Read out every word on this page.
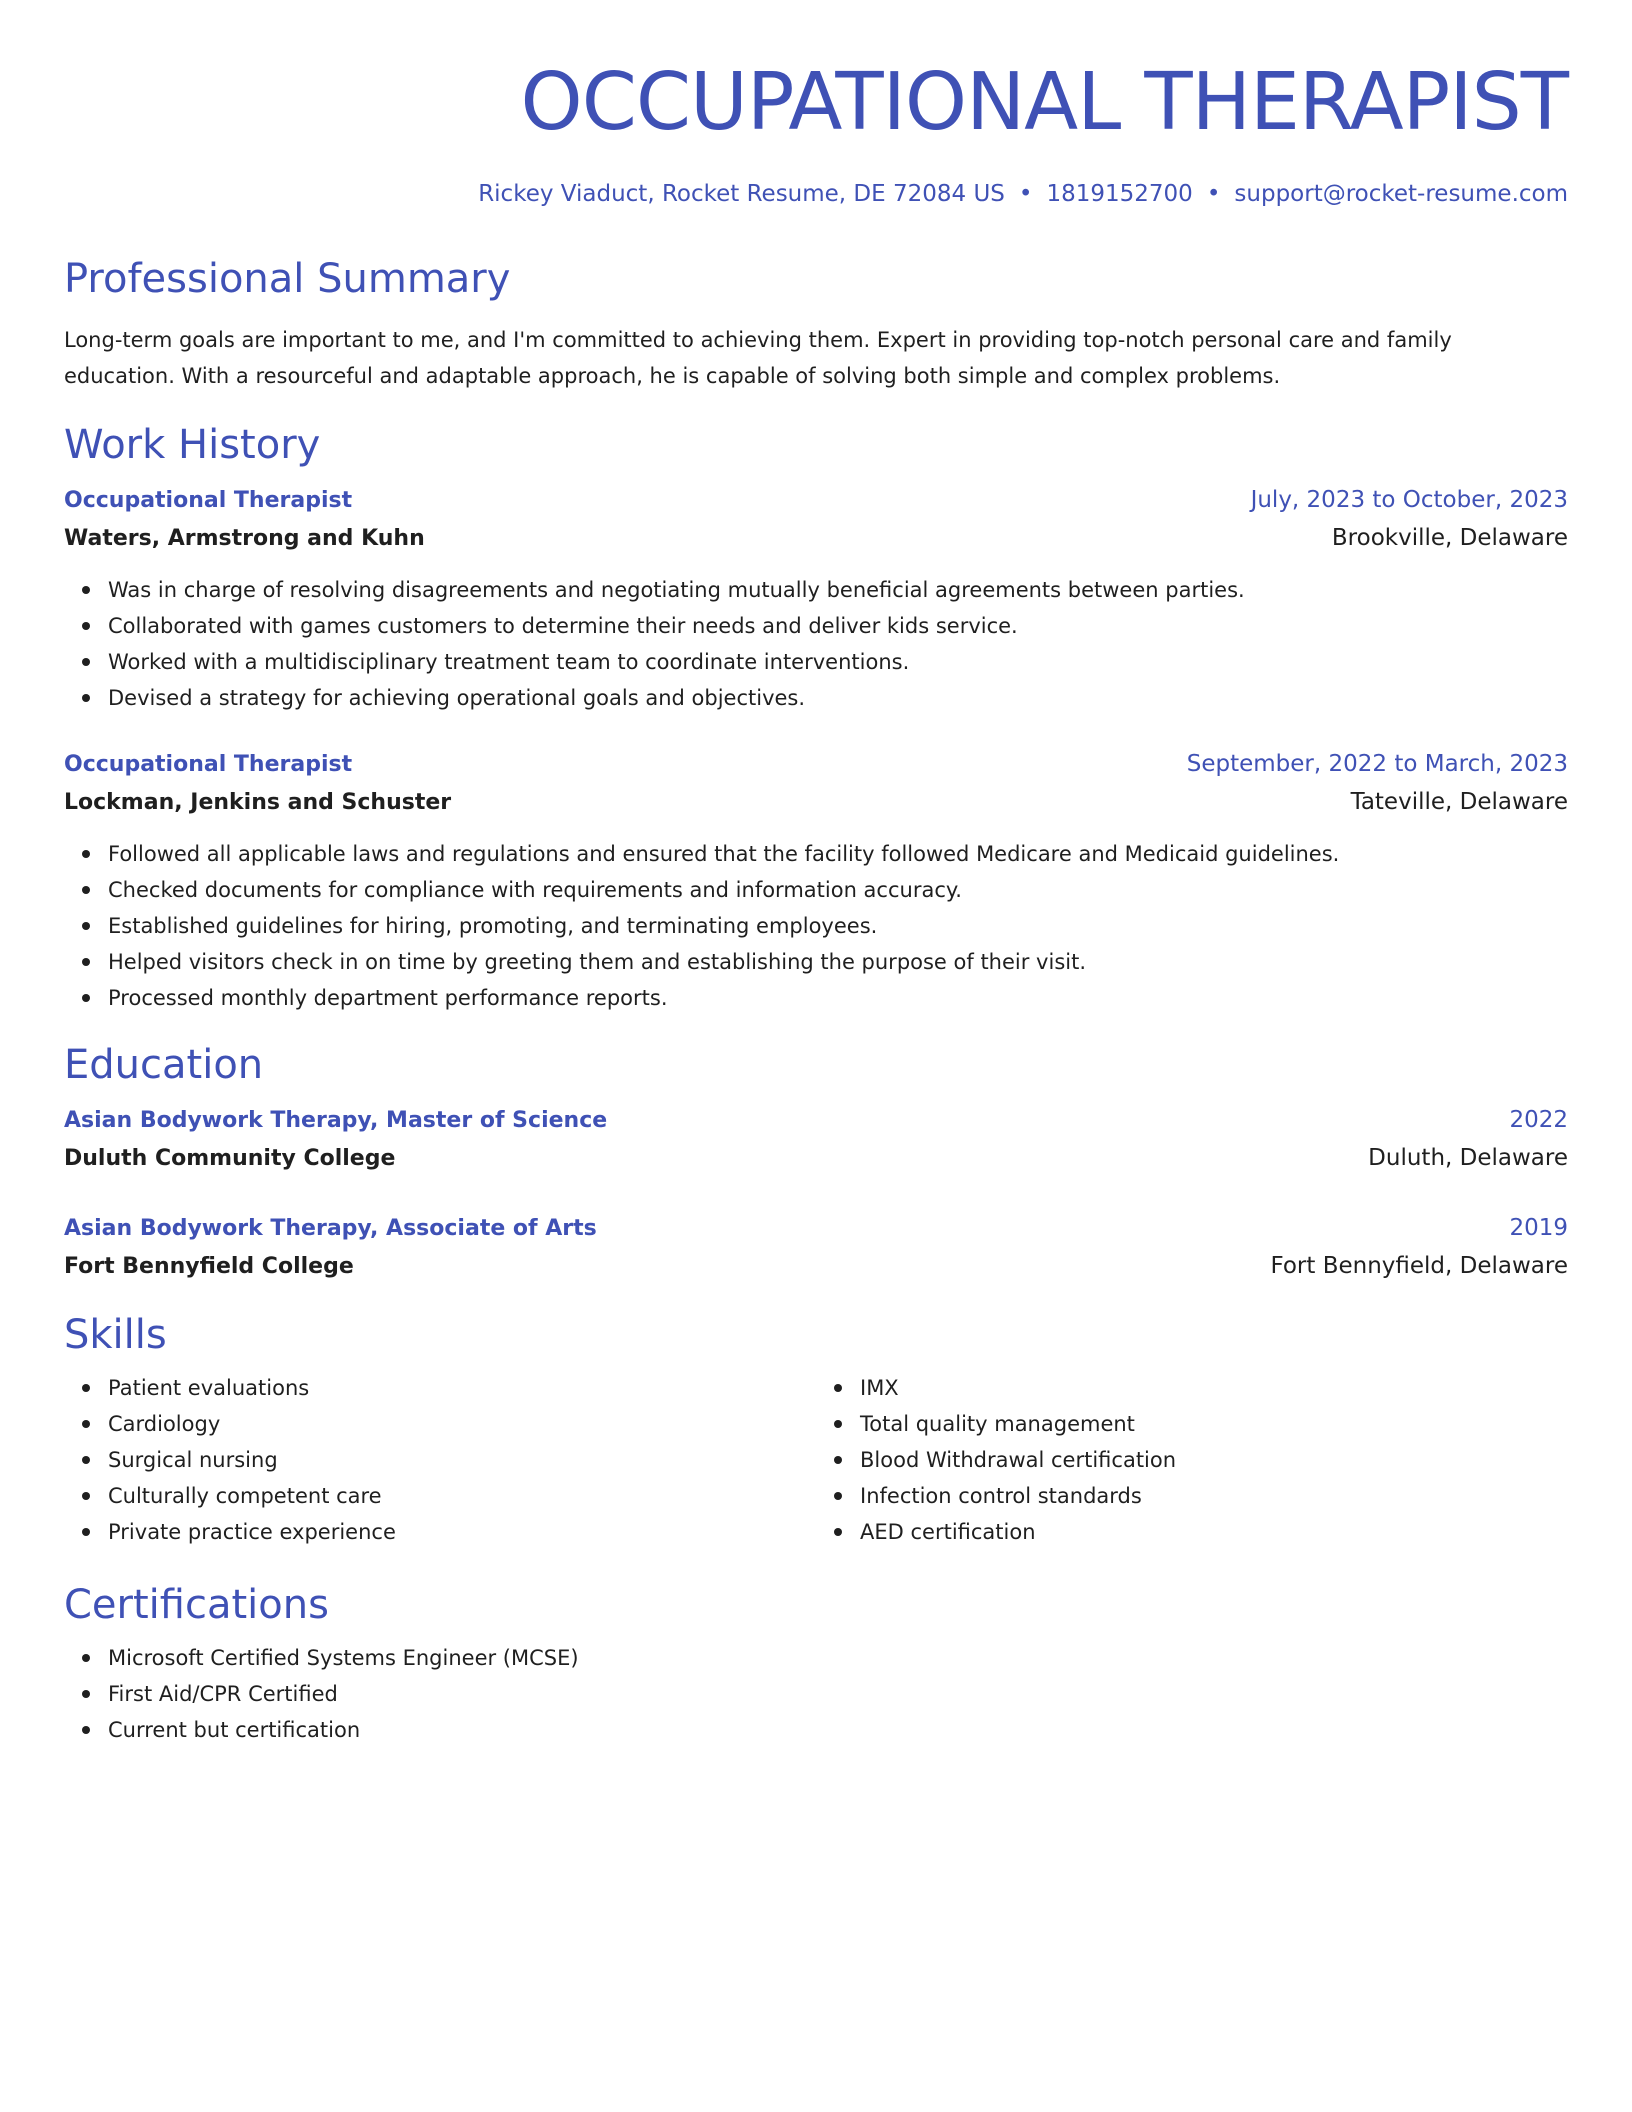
OCCUPATIONAL THERAPIST
Rickey Viaduct, Rocket Resume, DE 72084 US • 1819152700 • support@rocket-resume.com
Professional Summary

Long-term goals are important to me, and I'm committed to achieving them. Expert in providing top-notch personal care and family education. With a resourceful and adaptable approach, he is capable of solving both simple and complex problems.

Work History
Occupational Therapist	July, 2023 to October, 2023
Waters, Armstrong and Kuhn	Brookville, Delaware
Was in charge of resolving disagreements and negotiating mutually beneficial agreements between parties.
Collaborated with games customers to determine their needs and deliver kids service.
Worked with a multidisciplinary treatment team to coordinate interventions.
Devised a strategy for achieving operational goals and objectives.
Occupational Therapist	September, 2022 to March, 2023
Lockman, Jenkins and Schuster	Tateville, Delaware
Followed all applicable laws and regulations and ensured that the facility followed Medicare and Medicaid guidelines.
Checked documents for compliance with requirements and information accuracy.
Established guidelines for hiring, promoting, and terminating employees.
Helped visitors check in on time by greeting them and establishing the purpose of their visit.
Processed monthly department performance reports.
Education
Asian Bodywork Therapy, Master of Science	2022
Duluth Community College	Duluth, Delaware
Asian Bodywork Therapy, Associate of Arts	2019
Fort Bennyfield College	Fort Bennyfield, Delaware
Skills
Patient evaluations
Cardiology
Surgical nursing
Culturally competent care
Private practice experience
IMX
Total quality management
Blood Withdrawal certification
Infection control standards
AED certification
Certifications
Microsoft Certified Systems Engineer (MCSE)
First Aid/CPR Certified
Current but certification
